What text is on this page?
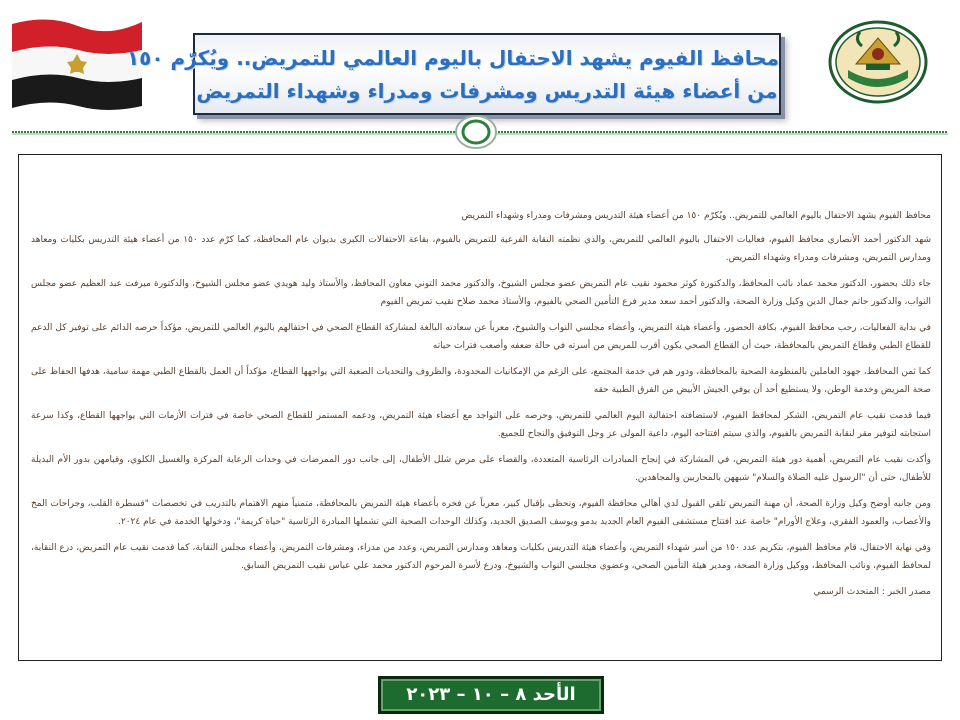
محافظ الفيوم يشهد الاحتفال باليوم العالمي للتمريض.. ويُكرّم ١٥٠
من أعضاء هيئة التدريس ومشرفات ومدراء وشهداء التمريض

محافظ الفيوم يشهد الاحتفال باليوم العالمي للتمريض.. ويُكرّم ١٥٠ من أعضاء هيئة التدريس ومشرفات ومدراء وشهداء التمريض

شهد الدكتور أحمد الأنصاري محافظ الفيوم، فعاليات الاحتفال باليوم العالمي للتمريض، والذي نظمته النقابة الفرعية للتمريض بالفيوم، بقاعة الاحتفالات الكبرى بديوان عام المحافظة، كما كرّم عدد ١٥٠ من أعضاء هيئة التدريس بكليات ومعاهد ومدارس التمريض، ومشرفات ومدراء وشهداء التمريض.

جاء ذلك بحضور، الدكتور محمد عماد نائب المحافظ، والدكتورة كوثر محمود نقيب عام التمريض عضو مجلس الشيوخ، والدكتور محمد التوني معاون المحافظ، والأستاذ وليد هويدي عضو مجلس الشيوخ، والدكتورة ميرفت عبد العظيم عضو مجلس النواب، والدكتور حاتم جمال الدين وكيل وزارة الصحة، والدكتور أحمد سعد مدير فرع التأمين الصحي بالفيوم، والأستاذ محمد صلاح نقيب تمريض الفيوم

في بداية الفعاليات، رحب محافظ الفيوم، بكافة الحضور، وأعضاء هيئة التمريض، وأعضاء مجلسي النواب والشيوخ، معرباً عن سعادته البالغة لمشاركة القطاع الصحي في احتفالهم باليوم العالمي للتمريض، مؤكداً حرصه الدائم على توفير كل الدعم للقطاع الطبي وقطاع التمريض بالمحافظة، حيث أن القطاع الصحي يكون أقرب للمريض من أسرته في حالة ضعفه وأصعب فترات حياته

كما ثمن المحافظ، جهود العاملين بالمنظومة الصحية بالمحافظة، ودور هم في خدمة المجتمع، على الرغم من الإمكانيات المحدودة، والظروف والتحديات الصعبة التي يواجهها القطاع، مؤكداً أن العمل بالقطاع الطبي مهمة سامية، هدفها الحفاظ على صحة المريض وخدمة الوطن، ولا يستطيع أحد أن يوفي الجيش الأبيض من الفرق الطبية حقه

فيما قدمت نقيب عام التمريض، الشكر لمحافظ الفيوم، لاستضافته احتفالية اليوم العالمي للتمريض، وحرصه على التواجد مع أعضاء هيئة التمريض، ودعمه المستمر للقطاع الصحي خاصة في فترات الأزمات التي يواجهها القطاع، وكذا سرعة استجابته لتوفير مقر لنقابة التمريض بالفيوم، والذي سيتم افتتاحه اليوم، داعية المولى عز وجل التوفيق والنجاح للجميع.

وأكدت نقيب عام التمريض، أهمية دور هيئة التمريض، في المشاركة في إنجاح المبادرات الرئاسية المتعددة، والقضاء على مرض شلل الأطفال، إلى جانب دور الممرضات في وحدات الرعاية المركزة والغسيل الكلوي، وقيامهن بدور الأم البديلة للأطفال، حتى أن "الرسول عليه الصلاة والسلام" شبههن بالمحاربين والمجاهدين.

ومن جانبه أوضح وكيل وزارة الصحة، أن مهنة التمريض تلقي القبول لدي أهالي محافظة الفيوم، وتحظى بإقبال كبير، معرباً عن فخره بأعضاء هيئة التمريض بالمحافظة، متمنياً منهم الاهتمام بالتدريب في تخصصات "قسطرة القلب، وجراحات المخ والأعصاب، والعمود الفقري، وعلاج الأورام" خاصة عند افتتاح مستشفى الفيوم العام الجديد بدمو ويوسف الصديق الجديد، وكذلك الوحدات الصحية التي تشملها المبادرة الرئاسية "حياة كريمة"، ودخولها الخدمة في عام ٢٠٢٤.

وفي نهاية الاحتفال، قام محافظ الفيوم، بتكريم عدد ١٥٠ من أسر شهداء التمريض، وأعضاء هيئة التدريس بكليات ومعاهد ومدارس التمريض، وعدد من مدراء، ومشرفات التمريض، وأعضاء مجلس النقابة، كما قدمت نقيب عام التمريض، درع النقابة، لمحافظ الفيوم، ونائب المحافظ، ووكيل وزارة الصحة، ومدير هيئة التأمين الصحي، وعضوي مجلسي النواب والشيوخ، ودرع لأسرة المرحوم الدكتور محمد علي عباس نقيب التمريض السابق.

مصدر الخبر : المتحدث الرسمي

الأحد ٨ – ١٠ – ٢٠٢٣
